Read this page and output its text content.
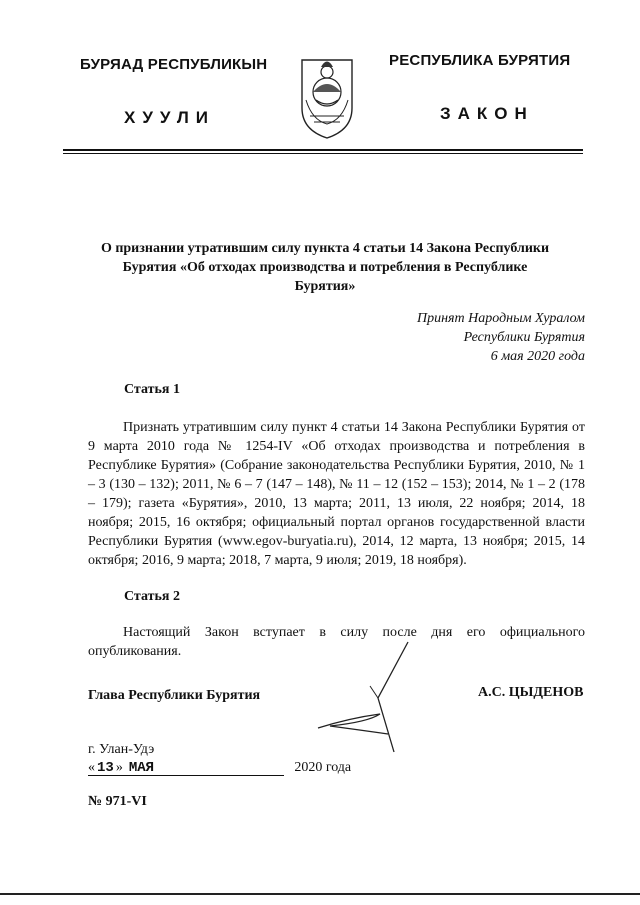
БУРЯАД РЕСПУБЛИКЫН
ХУУЛИ
РЕСПУБЛИКА БУРЯТИЯ
ЗАКОН
О признании утратившим силу пункта 4 статьи 14 Закона Республики Бурятия «Об отходах производства и потребления в Республике Бурятия»
Принят Народным Хуралом
Республики Бурятия
6 мая 2020 года
Статья 1
Признать утратившим силу пункт 4 статьи 14 Закона Республики Бурятия от 9 марта 2010 года № 1254-IV «Об отходах производства и потребления в Республике Бурятия» (Собрание законодательства Республики Бурятия, 2010, № 1 – 3 (130 – 132); 2011, № 6 – 7 (147 – 148), № 11 – 12 (152 – 153); 2014, № 1 – 2 (178 – 179); газета «Бурятия», 2010, 13 марта; 2011, 13 июля, 22 ноября; 2014, 18 ноября; 2015, 16 октября; официальный портал органов государственной власти Республики Бурятия (www.egov-buryatia.ru), 2014, 12 марта, 13 ноября; 2015, 14 октября; 2016, 9 марта; 2018, 7 марта, 9 июля; 2019, 18 ноября).
Статья 2
Настоящий Закон вступает в силу после дня его официального опубликования.
Глава Республики Бурятия	А.С. ЦЫДЕНОВ
г. Улан-Удэ
« 13 » МАЯ	2020 года
№ 971-VI
